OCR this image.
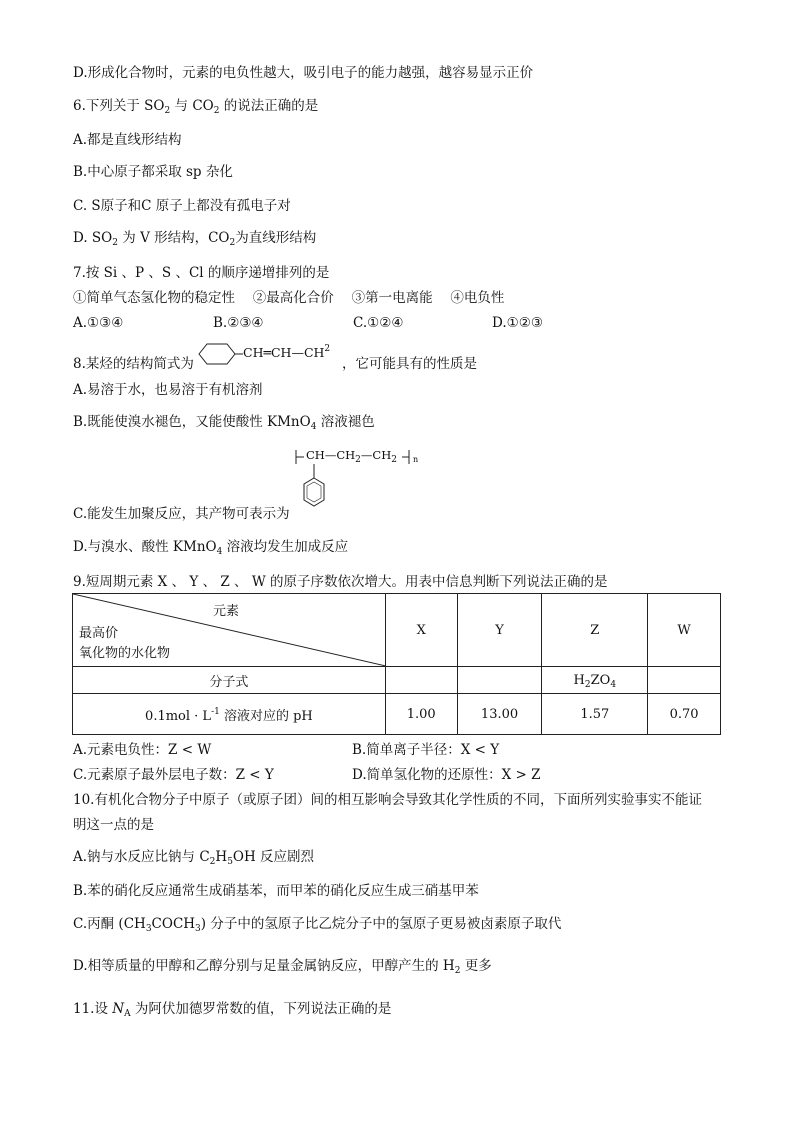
D.形成化合物时，元素的电负性越大，吸引电子的能力越强，越容易显示正价
6.下列关于 $SO_2$ 与 $CO_2$ 的说法正确的是
A.都是直线形结构
B.中心原子都采取 sp 杂化
C. S原子和C 原子上都没有孤电子对
D. $SO_2$ 为 V 形结构，$CO_2$为直线形结构
7.按 Si 、P 、S 、Cl 的顺序递增排列的是
①简单气态氢化物的稳定性　 ②最高化合价　 ③第一电离能　 ④电负性
A.①③④	B.②③④	C.①②④	D.①②③
8.某烃的结构简式为
$CH═CH—CH^2$
，它可能具有的性质是
A.易溶于水，也易溶于有机溶剂
B.既能使溴水褪色，又能使酸性 KMnO$_4$ 溶液褪色
$CH—CH_2—CH_2$ n
C.能发生加聚反应，其产物可表示为
D.与溴水、酸性 KMnO$_4$ 溶液均发生加成反应
9.短周期元素 X 、 Y 、 Z 、 W 的原子序数依次增大。用表中信息判断下列说法正确的是
元素
最高价
氧化物的水化物	X	Y	Z	W
分子式			$H_2ZO_4$	
$0.1mol \cdot L^{-1}$ 溶液对应的 pH	1.00	13.00	1.57	0.70
A.元素电负性：Z < W	B.简单离子半径：X < Y
C.元素原子最外层电子数：Z < Y	D.简单氢化物的还原性：X > Z
10.有机化合物分子中原子（或原子团）间的相互影响会导致其化学性质的不同，下面所列实验事实不能证
明这一点的是
A.钠与水反应比钠与 $C_2H_5OH$ 反应剧烈
B.苯的硝化反应通常生成硝基苯，而甲苯的硝化反应生成三硝基甲苯
C.丙酮 $(CH_3COCH_3)$ 分子中的氢原子比乙烷分子中的氢原子更易被卤素原子取代
D.相等质量的甲醇和乙醇分别与足量金属钠反应，甲醇产生的 $H_2$ 更多
11.设 $N_A$ 为阿伏加德罗常数的值，下列说法正确的是
